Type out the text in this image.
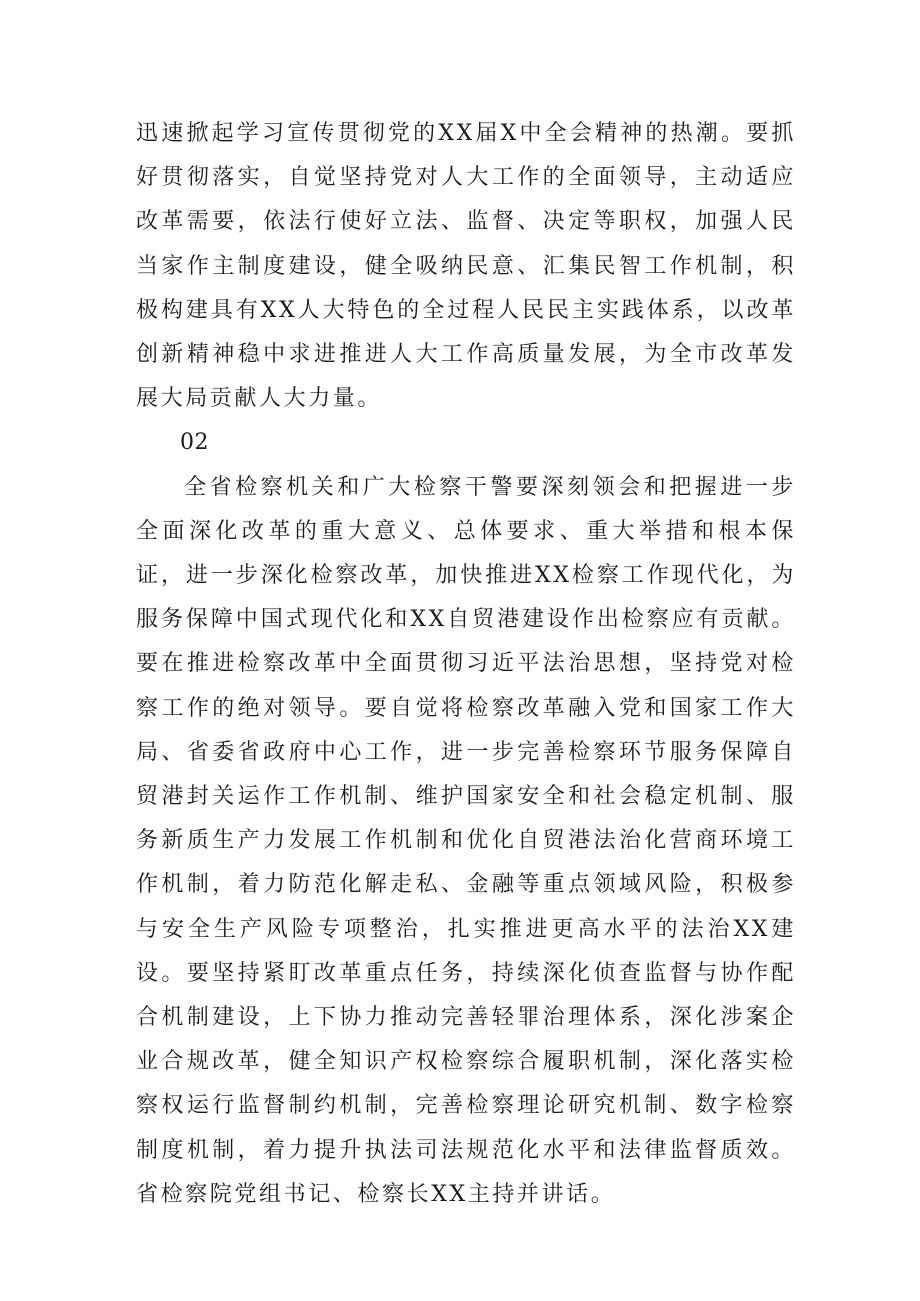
迅速掀起学习宣传贯彻党的XX届X中全会精神的热潮。要抓好贯彻落实，自觉坚持党对人大工作的全面领导，主动适应改革需要，依法行使好立法、监督、决定等职权，加强人民当家作主制度建设，健全吸纳民意、汇集民智工作机制，积极构建具有XX人大特色的全过程人民民主实践体系，以改革创新精神稳中求进推进人大工作高质量发展，为全市改革发展大局贡献人大力量。

02

全省检察机关和广大检察干警要深刻领会和把握进一步全面深化改革的重大意义、总体要求、重大举措和根本保证，进一步深化检察改革，加快推进XX检察工作现代化，为服务保障中国式现代化和XX自贸港建设作出检察应有贡献。要在推进检察改革中全面贯彻习近平法治思想，坚持党对检察工作的绝对领导。要自觉将检察改革融入党和国家工作大局、省委省政府中心工作，进一步完善检察环节服务保障自贸港封关运作工作机制、维护国家安全和社会稳定机制、服务新质生产力发展工作机制和优化自贸港法治化营商环境工作机制，着力防范化解走私、金融等重点领域风险，积极参与安全生产风险专项整治，扎实推进更高水平的法治XX建设。要坚持紧盯改革重点任务，持续深化侦查监督与协作配合机制建设，上下协力推动完善轻罪治理体系，深化涉案企业合规改革，健全知识产权检察综合履职机制，深化落实检察权运行监督制约机制，完善检察理论研究机制、数字检察制度机制，着力提升执法司法规范化水平和法律监督质效。省检察院党组书记、检察长XX主持并讲话。
